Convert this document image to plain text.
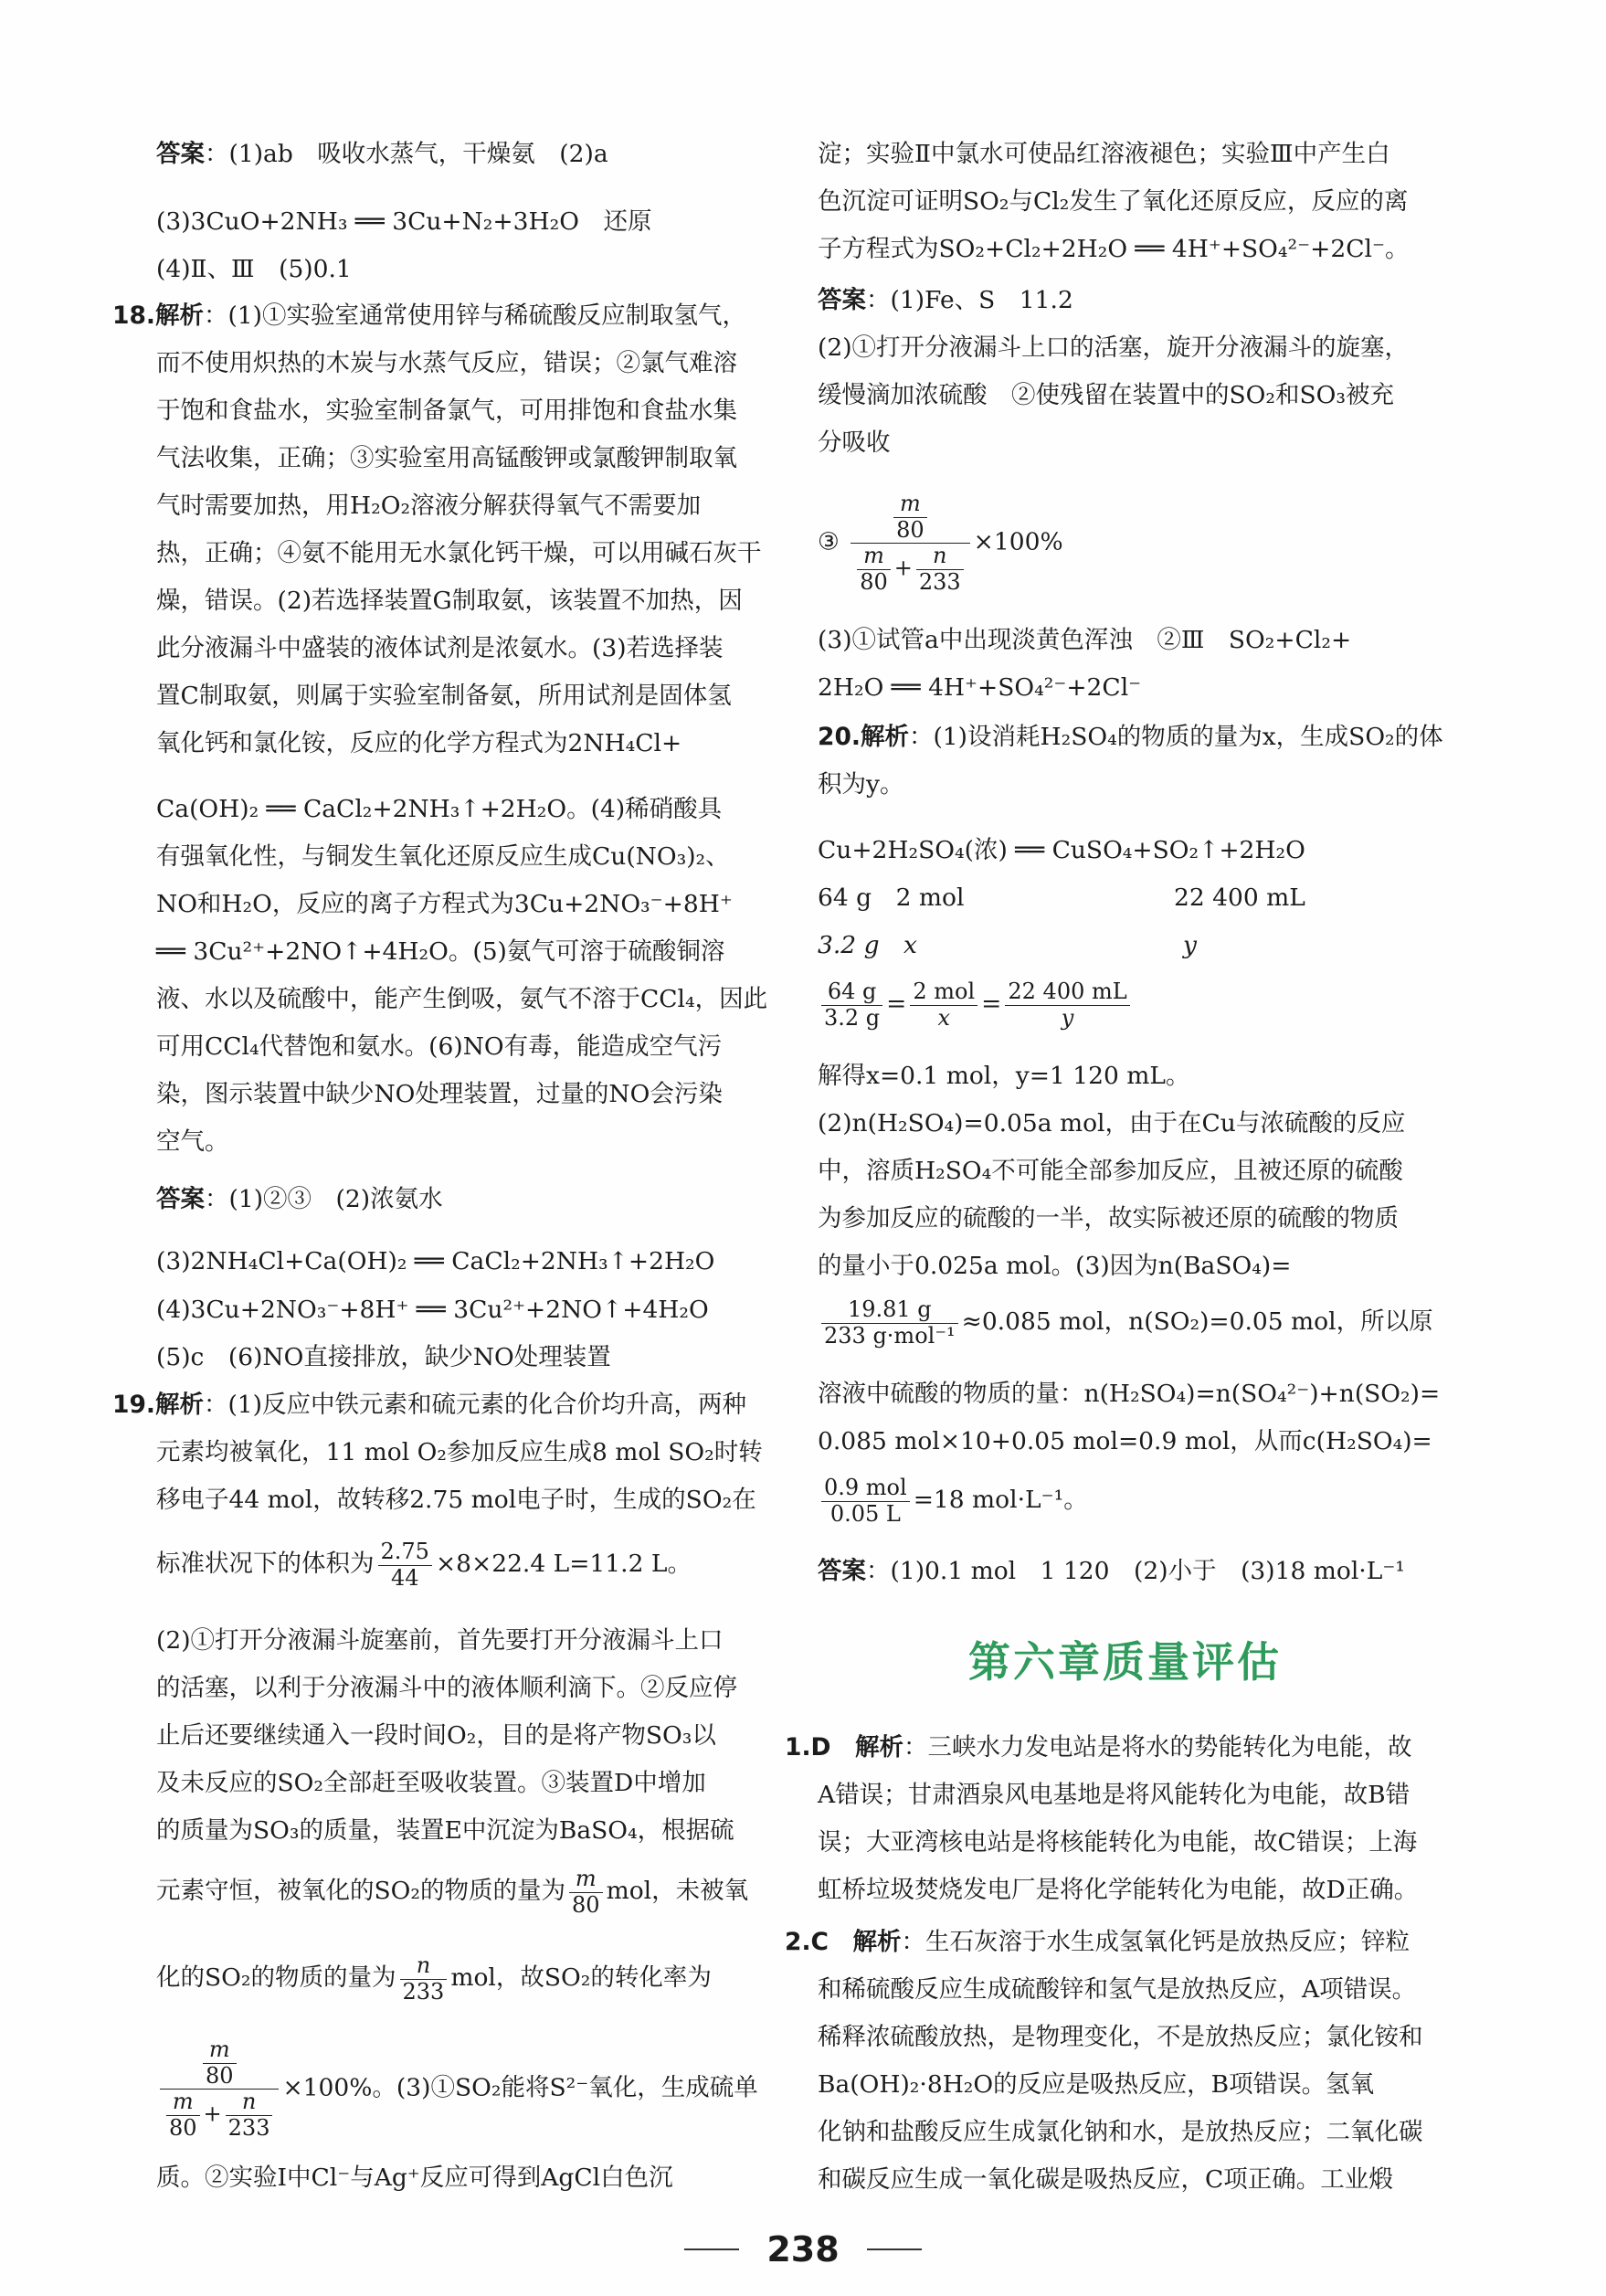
答案：(1)ab　吸收水蒸气，干燥氨　(2)a
(3)3CuO+2NH₃ ══ 3Cu+N₂+3H₂O　还原
(4)Ⅱ、Ⅲ　(5)0.1
18.解析：(1)①实验室通常使用锌与稀硫酸反应制取氢气，
而不使用炽热的木炭与水蒸气反应，错误；②氯气难溶
于饱和食盐水，实验室制备氯气，可用排饱和食盐水集
气法收集，正确；③实验室用高锰酸钾或氯酸钾制取氧
气时需要加热，用H₂O₂溶液分解获得氧气不需要加
热，正确；④氨不能用无水氯化钙干燥，可以用碱石灰干
燥，错误。(2)若选择装置G制取氨，该装置不加热，因
此分液漏斗中盛装的液体试剂是浓氨水。(3)若选择装
置C制取氨，则属于实验室制备氨，所用试剂是固体氢
氧化钙和氯化铵，反应的化学方程式为2NH₄Cl+
Ca(OH)₂ ══ CaCl₂+2NH₃↑+2H₂O。(4)稀硝酸具
有强氧化性，与铜发生氧化还原反应生成Cu(NO₃)₂、
NO和H₂O，反应的离子方程式为3Cu+2NO₃⁻+8H⁺
══ 3Cu²⁺+2NO↑+4H₂O。(5)氨气可溶于硫酸铜溶
液、水以及硫酸中，能产生倒吸，氨气不溶于CCl₄，因此
可用CCl₄代替饱和氨水。(6)NO有毒，能造成空气污
染，图示装置中缺少NO处理装置，过量的NO会污染
空气。
答案：(1)②③　(2)浓氨水
(3)2NH₄Cl+Ca(OH)₂ ══ CaCl₂+2NH₃↑+2H₂O
(4)3Cu+2NO₃⁻+8H⁺ ══ 3Cu²⁺+2NO↑+4H₂O
(5)c　(6)NO直接排放，缺少NO处理装置
19.解析：(1)反应中铁元素和硫元素的化合价均升高，两种
元素均被氧化，11 mol O₂参加反应生成8 mol SO₂时转
移电子44 mol，故转移2.75 mol电子时，生成的SO₂在
标准状况下的体积为 $\frac{2.75}{44} \times 8\times 22.4$ L=11.2 L。
(2)①打开分液漏斗旋塞前，首先要打开分液漏斗上口
的活塞，以利于分液漏斗中的液体顺利滴下。②反应停
止后还要继续通入一段时间O₂，目的是将产物SO₃以
及未反应的SO₂全部赶至吸收装置。③装置D中增加
的质量为SO₃的质量，装置E中沉淀为BaSO₄，根据硫
元素守恒，被氧化的SO₂的物质的量为 $\frac{m}{80}$ mol，未被氧
化的SO₂的物质的量为 $\frac{n}{233}$ mol，故SO₂的转化率为
$\frac{\frac{m}{80}}{\frac{m}{80} + \frac{n}{233}} \times 100\%$。(3)①SO₂能将S²⁻氧化，生成硫单
质。②实验Ⅰ中Cl⁻与Ag⁺反应可得到AgCl白色沉
淀；实验Ⅱ中氯水可使品红溶液褪色；实验Ⅲ中产生白
色沉淀可证明SO₂与Cl₂发生了氧化还原反应，反应的离
子方程式为SO₂+Cl₂+2H₂O ══ 4H⁺+SO₄²⁻+2Cl⁻。
答案：(1)Fe、S　11.2
(2)①打开分液漏斗上口的活塞，旋开分液漏斗的旋塞，
缓慢滴加浓硫酸　②使残留在装置中的SO₂和SO₃被充
分吸收
③ $\frac{\frac{m}{80}}{\frac{m}{80} + \frac{n}{233}} \times 100\%$
(3)①试管a中出现淡黄色浑浊　②Ⅲ　SO₂+Cl₂+
2H₂O ══ 4H⁺+SO₄²⁻+2Cl⁻
20.解析：(1)设消耗H₂SO₄的物质的量为x，生成SO₂的体
积为y。
Cu+2H₂SO₄(浓) ══ CuSO₄+SO₂↑+2H₂O
64 g　2 mol	22 400 mL
3.2 g　x	y
$\frac{64 g}{3.2 g} = \frac{\text{2 mol}}{x} = \frac{22 400 mL}{y}$
解得x=0.1 mol，y=1 120 mL。
(2)n(H₂SO₄)=0.05a mol，由于在Cu与浓硫酸的反应
中，溶质H₂SO₄不可能全部参加反应，且被还原的硫酸
为参加反应的硫酸的一半，故实际被还原的硫酸的物质
的量小于0.025a mol。(3)因为n(BaSO₄)=
$\frac{19.81 g}{\text{233 g·mol⁻¹}} \approx 0.085$ mol，n(SO₂)=0.05 mol，所以原
溶液中硫酸的物质的量：n(H₂SO₄)=n(SO₄²⁻)+n(SO₂)=
0.085 mol×10+0.05 mol=0.9 mol，从而c(H₂SO₄)=
$\frac{\text{0.9 mol}}{0.05 L} =18$ mol·L⁻¹。
答案：(1)0.1 mol　1 120　(2)小于　(3)18 mol·L⁻¹
1.D　 解析：三峡水力发电站是将水的势能转化为电能，故
A错误；甘肃酒泉风电基地是将风能转化为电能，故B错
误；大亚湾核电站是将核能转化为电能，故C错误；上海
虹桥垃圾焚烧发电厂是将化学能转化为电能，故D正确。
2.C　 解析：生石灰溶于水生成氢氧化钙是放热反应；锌粒
和稀硫酸反应生成硫酸锌和氢气是放热反应，A项错误。
稀释浓硫酸放热，是物理变化，不是放热反应；氯化铵和
Ba(OH)₂·8H₂O的反应是吸热反应，B项错误。氢氧
化钠和盐酸反应生成氯化钠和水，是放热反应；二氧化碳
和碳反应生成一氧化碳是吸热反应，C项正确。工业煅
第六章质量评估
238
